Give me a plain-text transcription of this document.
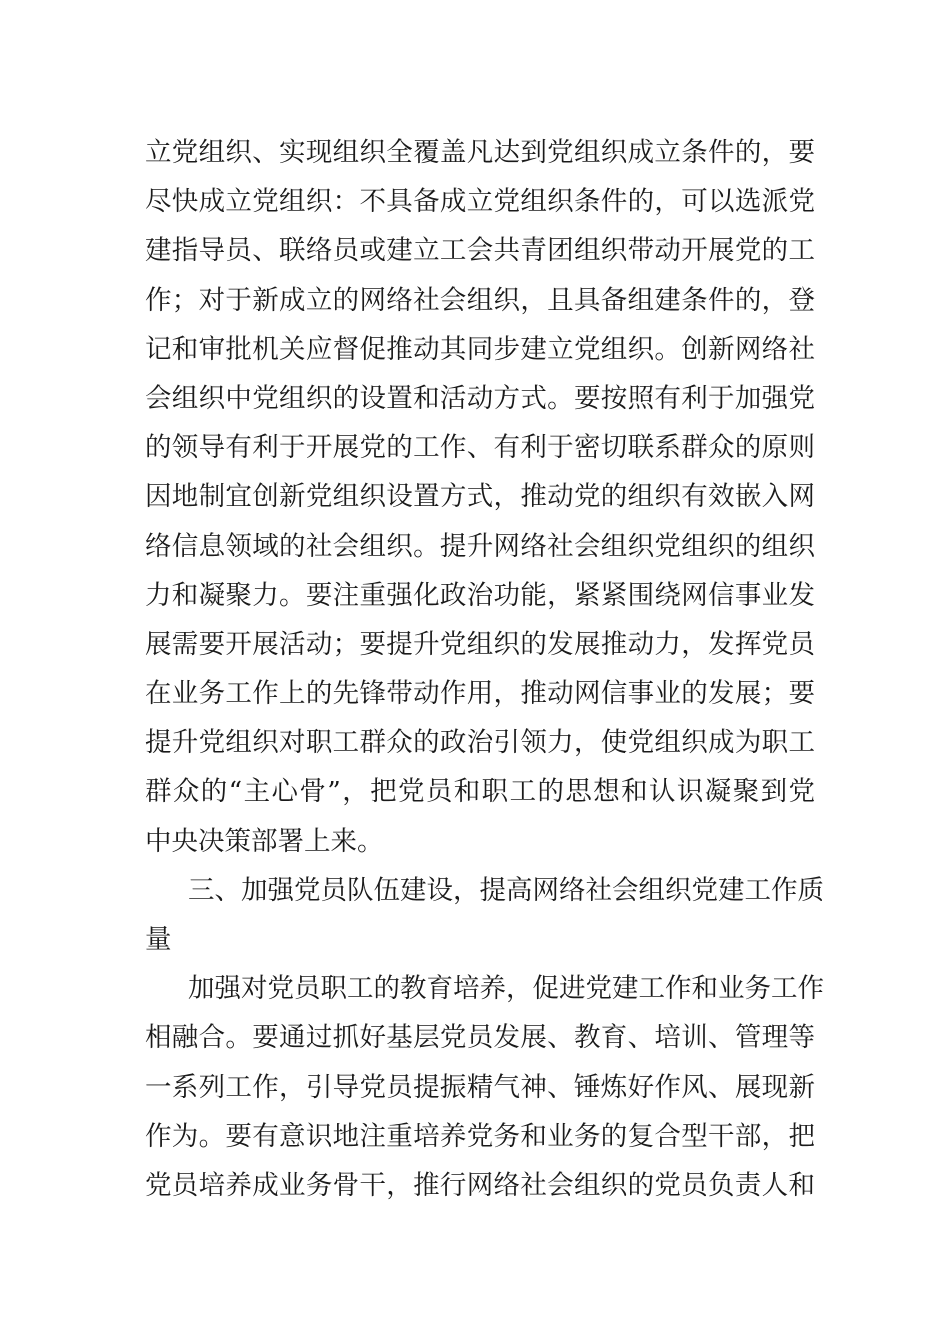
立党组织、实现组织全覆盖凡达到党组织成立条件的，要
尽快成立党组织：不具备成立党组织条件的，可以选派党
建指导员、联络员或建立工会共青团组织带动开展党的工
作；对于新成立的网络社会组织，且具备组建条件的，登
记和审批机关应督促推动其同步建立党组织。创新网络社
会组织中党组织的设置和活动方式。要按照有利于加强党
的领导有利于开展党的工作、有利于密切联系群众的原则
因地制宜创新党组织设置方式，推动党的组织有效嵌入网
络信息领域的社会组织。提升网络社会组织党组织的组织
力和凝聚力。要注重强化政治功能，紧紧围绕网信事业发
展需要开展活动；要提升党组织的发展推动力，发挥党员
在业务工作上的先锋带动作用，推动网信事业的发展；要
提升党组织对职工群众的政治引领力，使党组织成为职工
群众的“主心骨”，把党员和职工的思想和认识凝聚到党
中央决策部署上来。
三、加强党员队伍建设，提高网络社会组织党建工作质
量
加强对党员职工的教育培养，促进党建工作和业务工作
相融合。要通过抓好基层党员发展、教育、培训、管理等
一系列工作，引导党员提振精气神、锤炼好作风、展现新
作为。要有意识地注重培养党务和业务的复合型干部，把
党员培养成业务骨干，推行网络社会组织的党员负责人和
